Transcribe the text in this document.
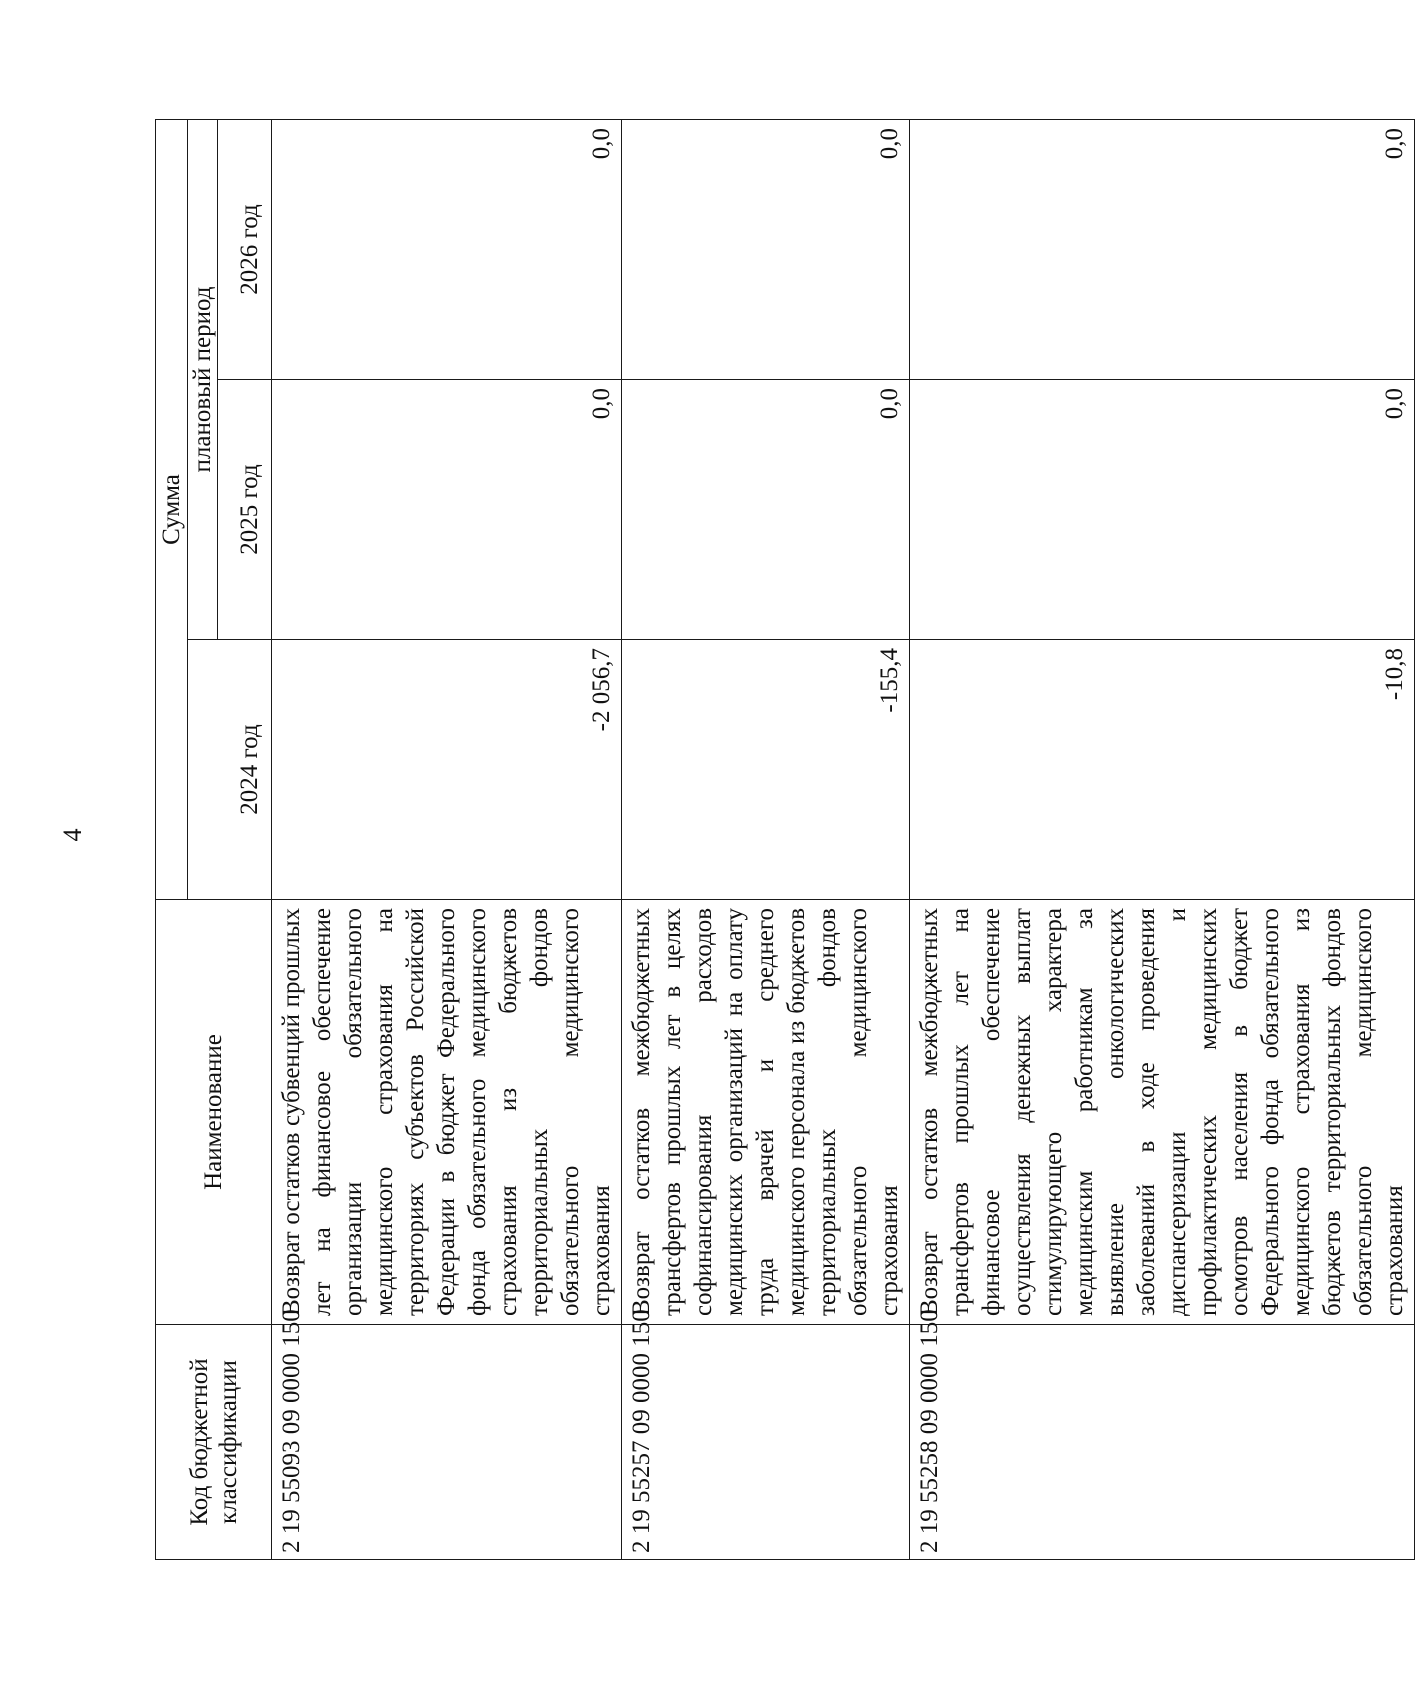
4
Код бюджетной классификации	Наименование	Сумма		
		2024 год	плановый период	
			2025 год	2026 год
2 19 55093 09 0000 150	Возврат остатков субвенций прошлых лет на финансовое обеспечение организации обязательного медицинского страхования на территориях субъектов Российской Федерации в бюджет Федерального фонда обязательного медицинского страхования из бюджетов территориальных фондов обязательного медицинского страхования	-2 056,7	0,0	0,0
2 19 55257 09 0000 150	Возврат остатков межбюджетных трансфертов прошлых лет в целях софинансирования расходов медицинских организаций на оплату труда врачей и среднего медицинского персонала из бюджетов территориальных фондов обязательного медицинского страхования	-155,4	0,0	0,0
2 19 55258 09 0000 150	Возврат остатков межбюджетных трансфертов прошлых лет на финансовое обеспечение осуществления денежных выплат стимулирующего характера медицинским работникам за выявление онкологических заболеваний в ходе проведения диспансеризации и профилактических медицинских осмотров населения в бюджет Федерального фонда обязательного медицинского страхования из бюджетов территориальных фондов обязательного медицинского страхования	-10,8	0,0	0,0
